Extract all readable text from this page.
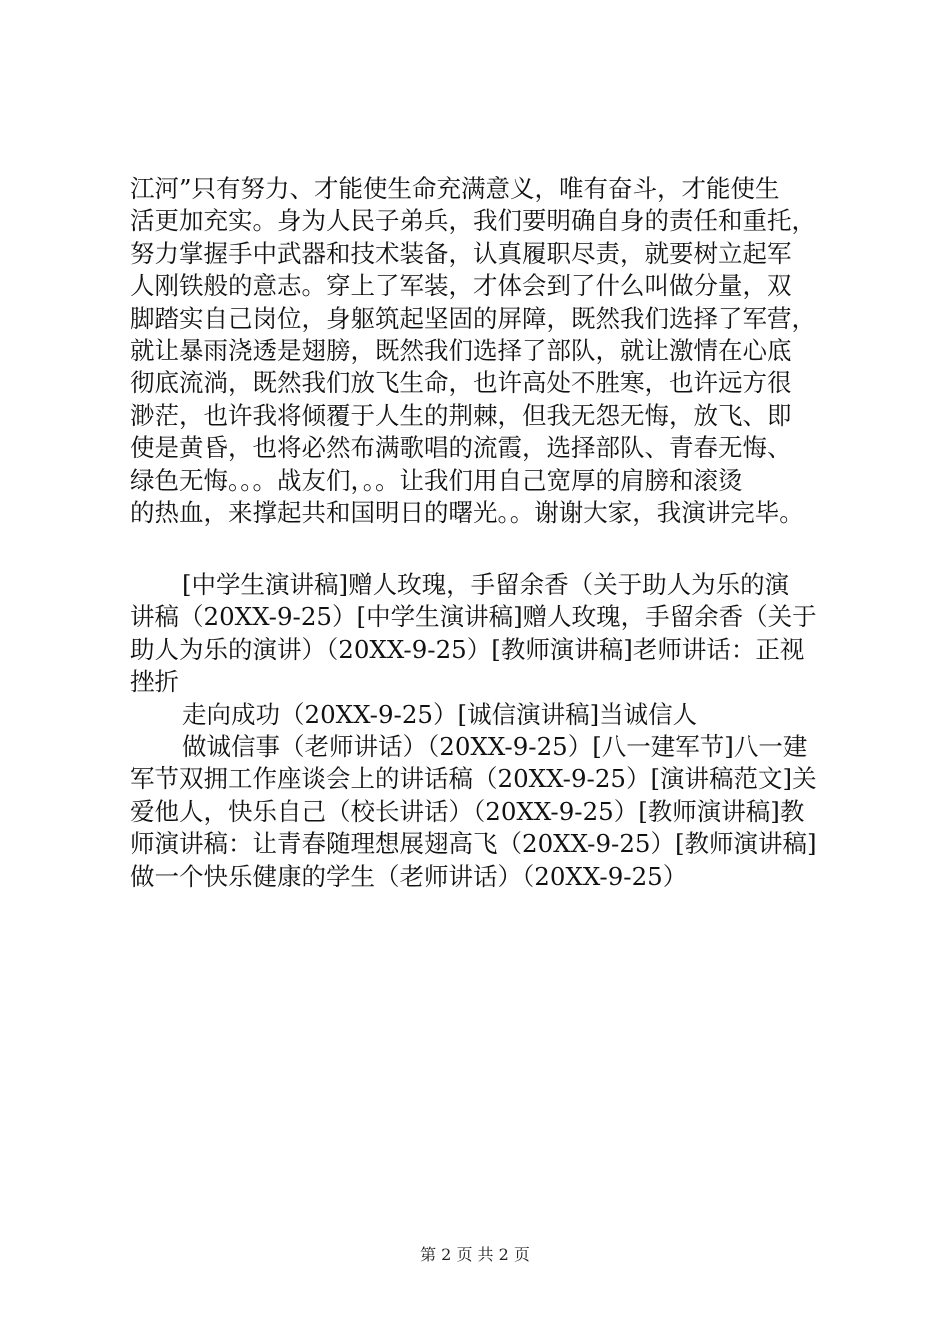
江河”只有努力、才能使生命充满意义，唯有奋斗，才能使生
活更加充实。身为人民子弟兵，我们要明确自身的责任和重托，
努力掌握手中武器和技术装备，认真履职尽责，就要树立起军
人刚铁般的意志。穿上了军装，才体会到了什么叫做分量，双
脚踏实自己岗位，身躯筑起坚固的屏障，既然我们选择了军营，
就让暴雨浇透是翅膀，既然我们选择了部队，就让激情在心底
彻底流淌，既然我们放飞生命，也许高处不胜寒，也许远方很
渺茫，也许我将倾覆于人生的荆棘，但我无怨无悔，放飞、即
使是黄昏，也将必然布满歌唱的流霞，选择部队、青春无悔、
绿色无悔。。。战友们，。。让我们用自己宽厚的肩膀和滚烫
的热血，来撑起共和国明日的曙光。。谢谢大家，我演讲完毕。
[中学生演讲稿]赠人玫瑰，手留余香（关于助人为乐的演
讲稿（20XX-9-25）[中学生演讲稿]赠人玫瑰，手留余香（关于
助人为乐的演讲）（20XX-9-25）[教师演讲稿]老师讲话：正视
挫折
走向成功（20XX-9-25）[诚信演讲稿]当诚信人
做诚信事（老师讲话）（20XX-9-25）[八一建军节]八一建
军节双拥工作座谈会上的讲话稿（20XX-9-25）[演讲稿范文]关
爱他人，快乐自己（校长讲话）（20XX-9-25）[教师演讲稿]教
师演讲稿：让青春随理想展翅高飞（20XX-9-25）[教师演讲稿]
做一个快乐健康的学生（老师讲话）（20XX-9-25）
第 2 页 共 2 页
